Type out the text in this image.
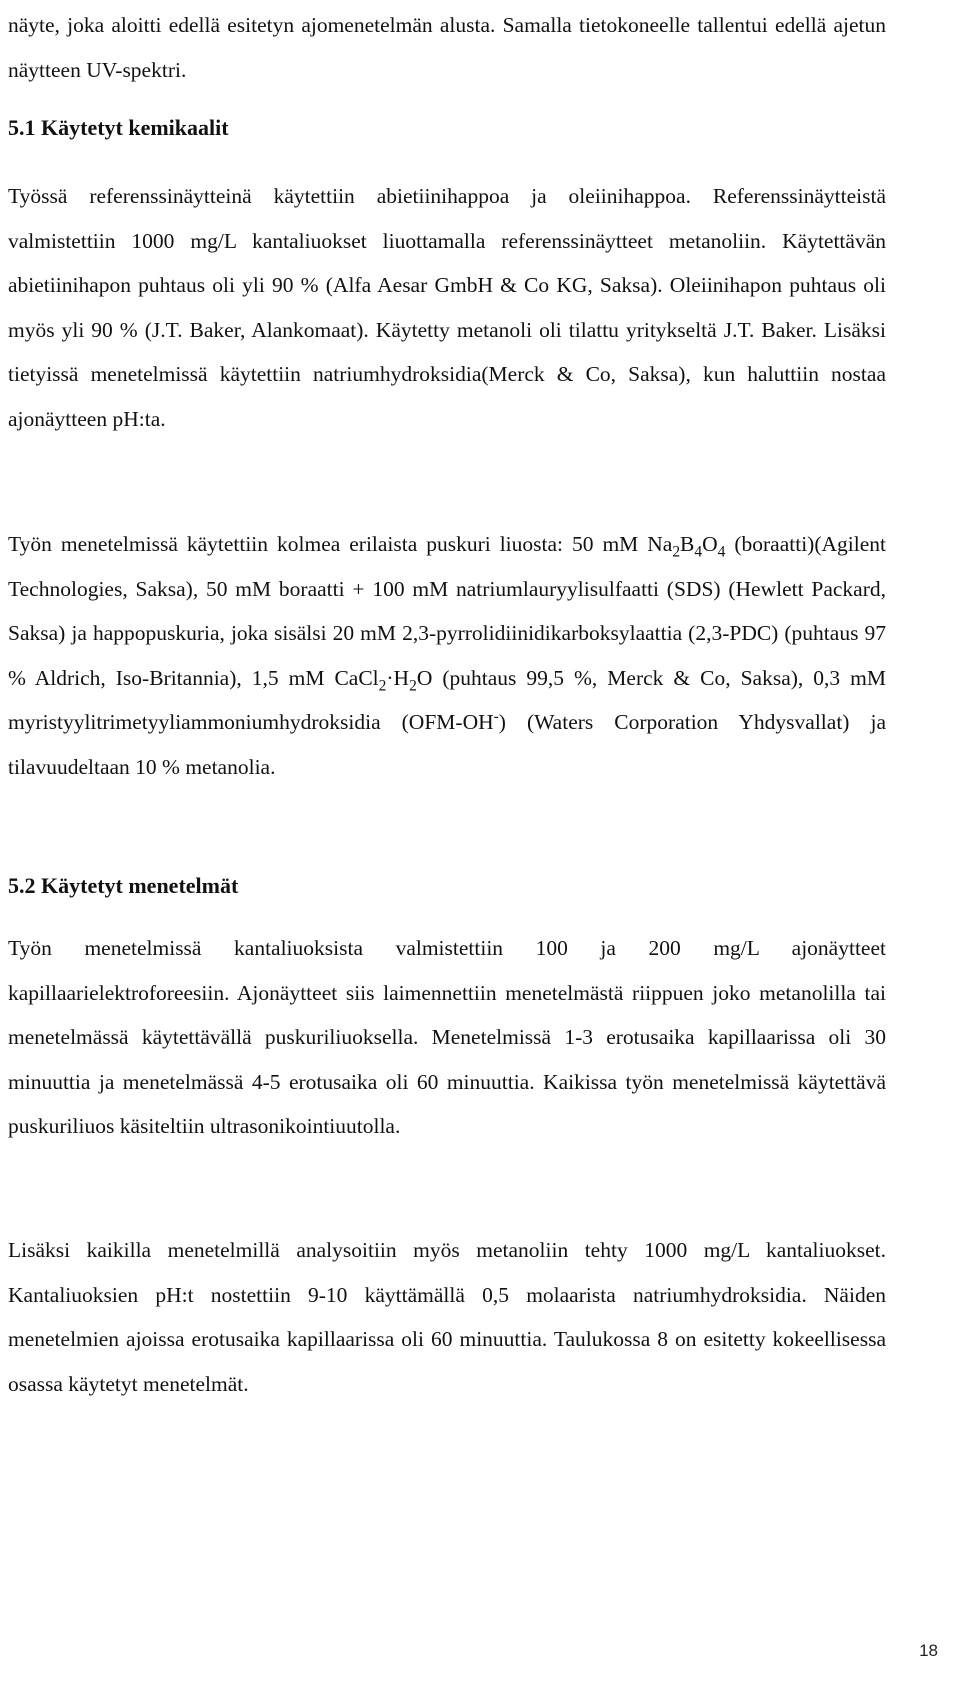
näyte, joka aloitti edellä esitetyn ajomenetelmän alusta. Samalla tietokoneelle tallentui edellä ajetun näytteen UV-spektri.

5.1 Käytetyt kemikaalit

Työssä referenssinäytteinä käytettiin abietiinihappoa ja oleiinihappoa. Referenssinäytteistä valmistettiin 1000 mg/L kantaliuokset liuottamalla referenssinäytteet metanoliin. Käytettävän abietiinihapon puhtaus oli yli 90 % (Alfa Aesar GmbH & Co KG, Saksa). Oleiinihapon puhtaus oli myös yli 90 % (J.T. Baker, Alankomaat). Käytetty metanoli oli tilattu yritykseltä J.T. Baker. Lisäksi tietyissä menetelmissä käytettiin natriumhydroksidia(Merck & Co, Saksa), kun haluttiin nostaa ajonäytteen pH:ta.

Työn menetelmissä käytettiin kolmea erilaista puskuri liuosta: 50 mM $Na_2B_4O_4$ (boraatti)(Agilent Technologies, Saksa), 50 mM boraatti + 100 mM natriumlauryylisulfaatti (SDS) (Hewlett Packard, Saksa) ja happopuskuria, joka sisälsi 20 mM 2,3-pyrrolidiinidikarboksylaattia (2,3-PDC) (puhtaus 97 % Aldrich, Iso-Britannia), 1,5 mM $CaCl_2\cdot H_2O$ (puhtaus 99,5 %, Merck & Co, Saksa), 0,3 mM myristyylitrimetyyliammoniumhydroksidia (OFM-OH-) (Waters Corporation Yhdysvallat) ja tilavuudeltaan 10 % metanolia.

5.2 Käytetyt menetelmät

Työn menetelmissä kantaliuoksista valmistettiin 100 ja 200 mg/L ajonäytteet kapillaarielektroforeesiin. Ajonäytteet siis laimennettiin menetelmästä riippuen joko metanolilla tai menetelmässä käytettävällä puskuriliuoksella. Menetelmissä 1-3 erotusaika kapillaarissa oli 30 minuuttia ja menetelmässä 4-5 erotusaika oli 60 minuuttia. Kaikissa työn menetelmissä käytettävä puskuriliuos käsiteltiin ultrasonikointiuutolla.

Lisäksi kaikilla menetelmillä analysoitiin myös metanoliin tehty 1000 mg/L kantaliuokset. Kantaliuoksien pH:t nostettiin 9-10 käyttämällä 0,5 molaarista natriumhydroksidia. Näiden menetelmien ajoissa erotusaika kapillaarissa oli 60 minuuttia. Taulukossa 8 on esitetty kokeellisessa osassa käytetyt menetelmät.

18
